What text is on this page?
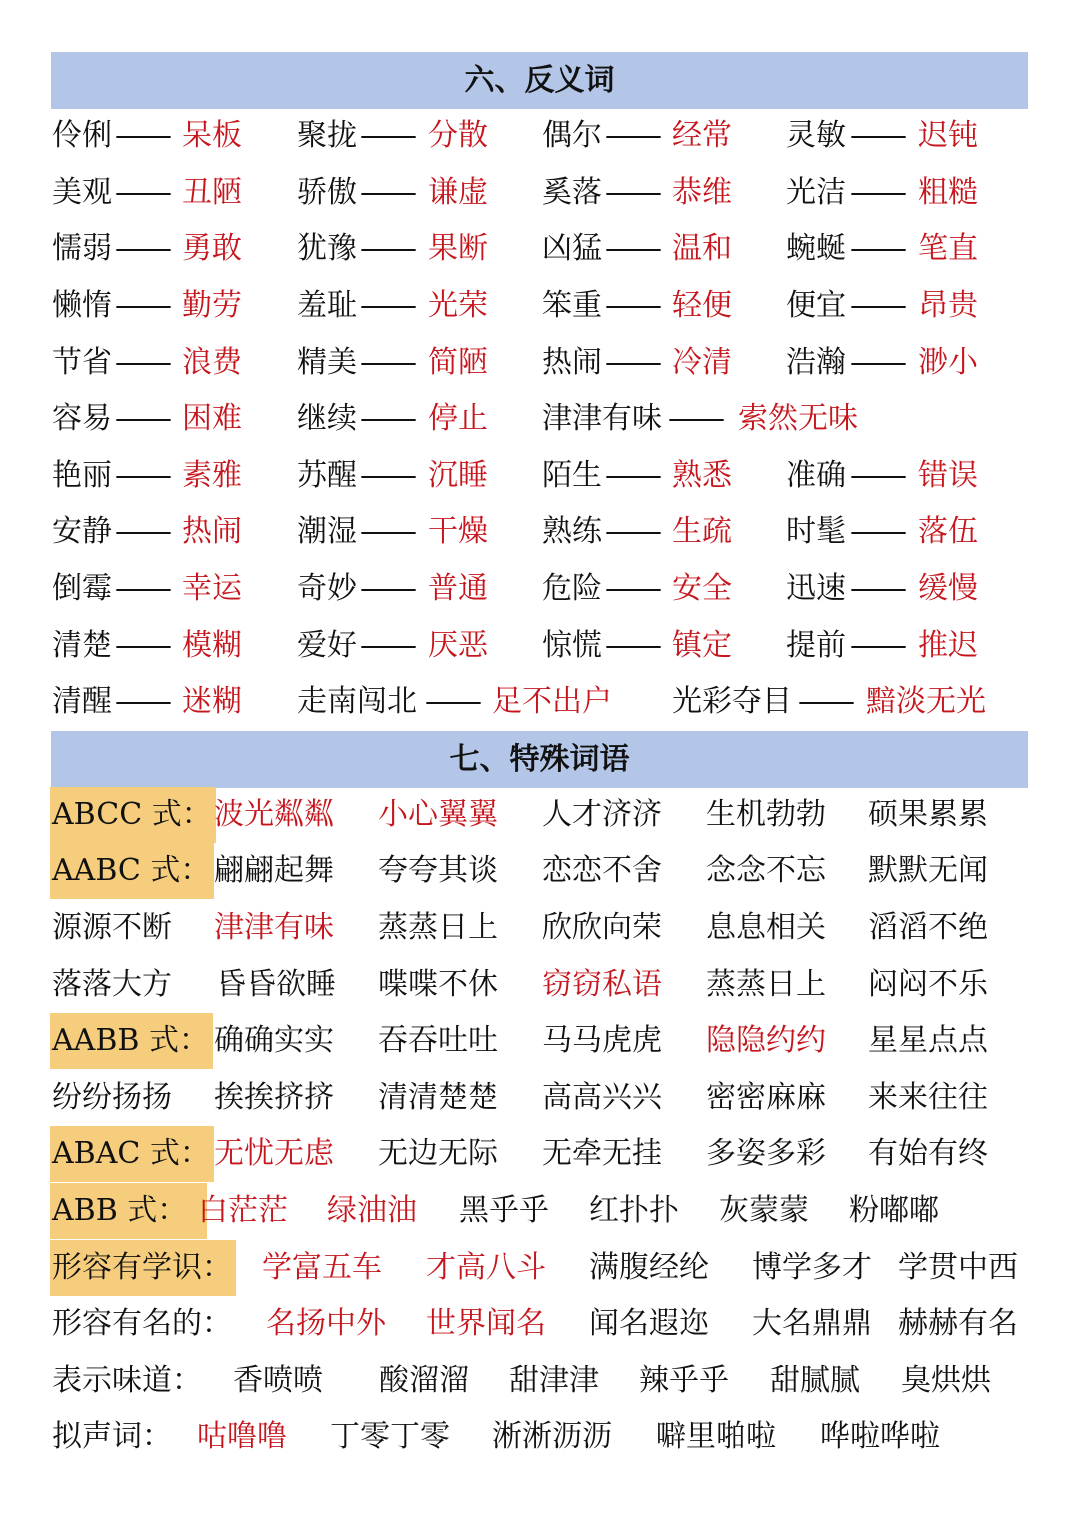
六、反义词
伶俐 —— 呆板 聚拢 —— 分散 偶尔 —— 经常 灵敏 —— 迟钝
美观 —— 丑陋 骄傲 —— 谦虚 奚落 —— 恭维 光洁 —— 粗糙
懦弱 —— 勇敢 犹豫 —— 果断 凶猛 —— 温和 蜿蜒 —— 笔直
懒惰 —— 勤劳 羞耻 —— 光荣 笨重 —— 轻便 便宜 —— 昂贵
节省 —— 浪费 精美 —— 简陋 热闹 —— 冷清 浩瀚 —— 渺小
容易 —— 困难 继续 —— 停止 津津有味 —— 索然无味
艳丽 —— 素雅 苏醒 —— 沉睡 陌生 —— 熟悉 准确 —— 错误
安静 —— 热闹 潮湿 —— 干燥 熟练 —— 生疏 时髦 —— 落伍
倒霉 —— 幸运 奇妙 —— 普通 危险 —— 安全 迅速 —— 缓慢
清楚 —— 模糊 爱好 —— 厌恶 惊慌 —— 镇定 提前 —— 推迟
清醒 —— 迷糊 走南闯北 —— 足不出户 光彩夺目 —— 黯淡无光
七、特殊词语
ABCC 式： 波光粼粼 小心翼翼 人才济济 生机勃勃 硕果累累
AABC 式： 翩翩起舞 夸夸其谈 恋恋不舍 念念不忘 默默无闻
源源不断 津津有味 蒸蒸日上 欣欣向荣 息息相关 滔滔不绝
落落大方 昏昏欲睡 喋喋不休 窃窃私语 蒸蒸日上 闷闷不乐
AABB 式： 确确实实 吞吞吐吐 马马虎虎 隐隐约约 星星点点
纷纷扬扬 挨挨挤挤 清清楚楚 高高兴兴 密密麻麻 来来往往
ABAC 式： 无忧无虑 无边无际 无牵无挂 多姿多彩 有始有终
ABB 式： 白茫茫 绿油油 黑乎乎 红扑扑 灰蒙蒙 粉嘟嘟
形容有学识： 学富五车 才高八斗 满腹经纶 博学多才 学贯中西
形容有名的： 名扬中外 世界闻名 闻名遐迩 大名鼎鼎 赫赫有名
表示味道： 香喷喷 酸溜溜 甜津津 辣乎乎 甜腻腻 臭烘烘
拟声词： 咕噜噜 丁零丁零 淅淅沥沥 噼里啪啦 哗啦哗啦
